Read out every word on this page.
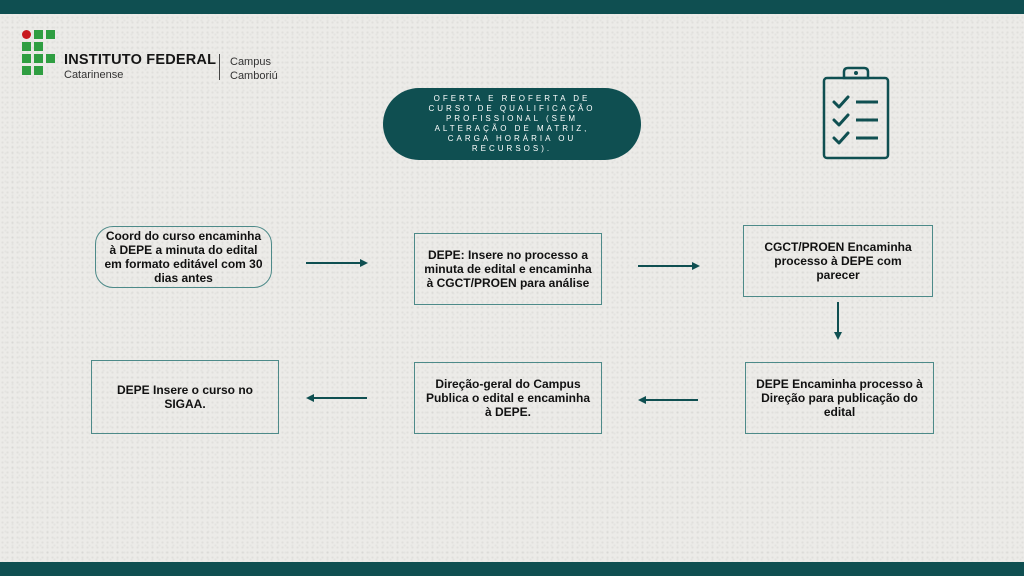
INSTITUTO FEDERAL
Catarinense
Campus
Camboriú
OFERTA E REOFERTA DE CURSO DE QUALIFICAÇÃO PROFISSIONAL (SEM ALTERAÇÃO DE MATRIZ, CARGA HORÁRIA OU RECURSOS).
Coord do curso encaminha à DEPE a minuta do edital em formato editável com 30 dias antes
DEPE: Insere no processo a minuta de edital e encaminha à CGCT/PROEN para análise
CGCT/PROEN Encaminha processo à DEPE com parecer
DEPE Encaminha processo à Direção para publicação do edital
Direção-geral do Campus Publica o edital e encaminha à DEPE.
DEPE Insere o curso no SIGAA.
